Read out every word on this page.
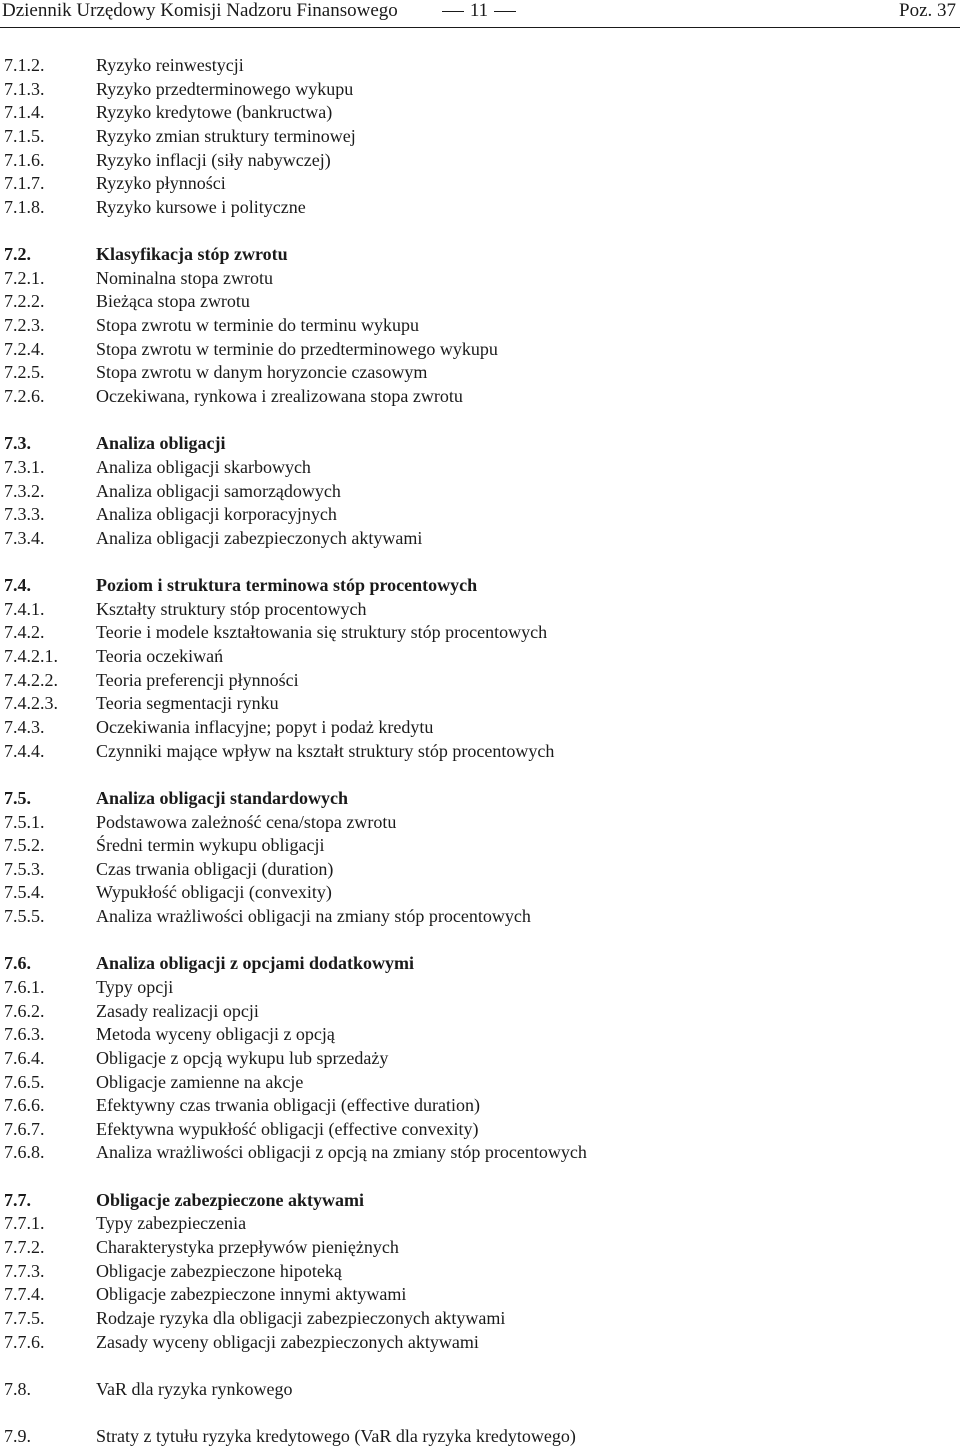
Dziennik Urzędowy Komisji Nadzoru Finansowego	11	Poz. 37
7.1.2.	Ryzyko reinwestycji
7.1.3.	Ryzyko przedterminowego wykupu
7.1.4.	Ryzyko kredytowe (bankructwa)
7.1.5.	Ryzyko zmian struktury terminowej
7.1.6.	Ryzyko inflacji (siły nabywczej)
7.1.7.	Ryzyko płynności
7.1.8.	Ryzyko kursowe i polityczne
7.2.	Klasyfikacja stóp zwrotu
7.2.1.	Nominalna stopa zwrotu
7.2.2.	Bieżąca stopa zwrotu
7.2.3.	Stopa zwrotu w terminie do terminu wykupu
7.2.4.	Stopa zwrotu w terminie do przedterminowego wykupu
7.2.5.	Stopa zwrotu w danym horyzoncie czasowym
7.2.6.	Oczekiwana, rynkowa i zrealizowana stopa zwrotu
7.3.	Analiza obligacji
7.3.1.	Analiza obligacji skarbowych
7.3.2.	Analiza obligacji samorządowych
7.3.3.	Analiza obligacji korporacyjnych
7.3.4.	Analiza obligacji zabezpieczonych aktywami
7.4.	Poziom i struktura terminowa stóp procentowych
7.4.1.	Kształty struktury stóp procentowych
7.4.2.	Teorie i modele kształtowania się struktury stóp procentowych
7.4.2.1. Teoria oczekiwań
7.4.2.2. Teoria preferencji płynności
7.4.2.3. Teoria segmentacji rynku
7.4.3.	Oczekiwania inflacyjne; popyt i podaż kredytu
7.4.4.	Czynniki mające wpływ na kształt struktury stóp procentowych
7.5.	Analiza obligacji standardowych
7.5.1.	Podstawowa zależność cena/stopa zwrotu
7.5.2.	Średni termin wykupu obligacji
7.5.3.	Czas trwania obligacji (duration)
7.5.4.	Wypukłość obligacji (convexity)
7.5.5.	Analiza wrażliwości obligacji na zmiany stóp procentowych
7.6.	Analiza obligacji z opcjami dodatkowymi
7.6.1.	Typy opcji
7.6.2.	Zasady realizacji opcji
7.6.3.	Metoda wyceny obligacji z opcją
7.6.4.	Obligacje z opcją wykupu lub sprzedaży
7.6.5.	Obligacje zamienne na akcje
7.6.6.	Efektywny czas trwania obligacji (effective duration)
7.6.7.	Efektywna wypukłość obligacji (effective convexity)
7.6.8.	Analiza wrażliwości obligacji z opcją na zmiany stóp procentowych
7.7.	Obligacje zabezpieczone aktywami
7.7.1.	Typy zabezpieczenia
7.7.2.	Charakterystyka przepływów pieniężnych
7.7.3.	Obligacje zabezpieczone hipoteką
7.7.4.	Obligacje zabezpieczone innymi aktywami
7.7.5.	Rodzaje ryzyka dla obligacji zabezpieczonych aktywami
7.7.6.	Zasady wyceny obligacji zabezpieczonych aktywami
7.8.	VaR dla ryzyka rynkowego
7.9.	Straty z tytułu ryzyka kredytowego (VaR dla ryzyka kredytowego)
